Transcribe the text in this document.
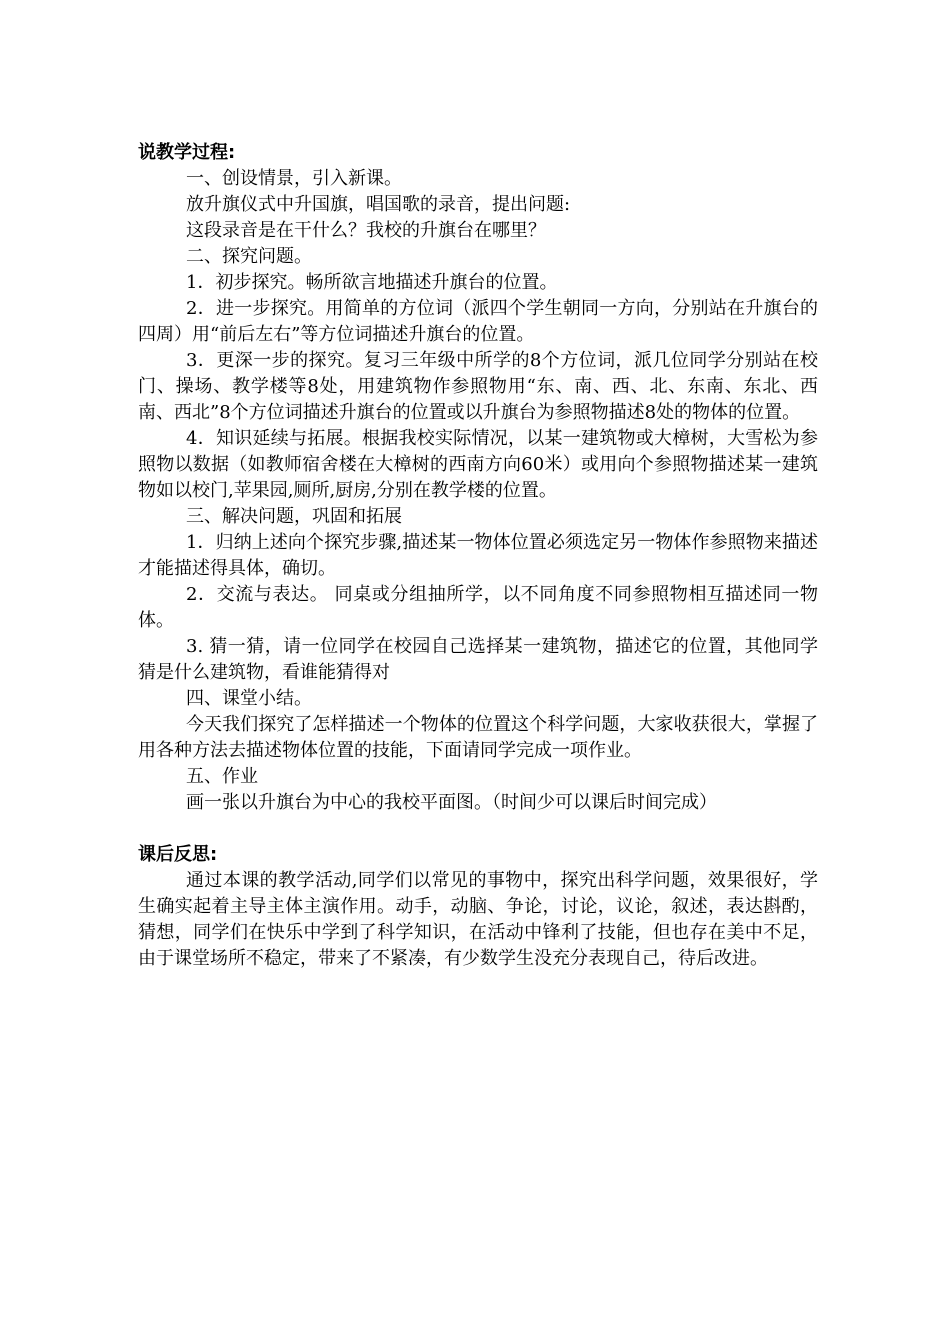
说教学过程:

一、创设情景，引入新课。

放升旗仪式中升国旗，唱国歌的录音，提出问题:

这段录音是在干什么？我校的升旗台在哪里？

二、探究问题。

1．初步探究。畅所欲言地描述升旗台的位置。

2．进一步探究。用简单的方位词（派四个学生朝同一方向，分别站在升旗台的四周）用“前后左右”等方位词描述升旗台的位置。

3．更深一步的探究。复习三年级中所学的8个方位词，派几位同学分别站在校门、操场、教学楼等8处，用建筑物作参照物用“东、南、西、北、东南、东北、西南、西北”8个方位词描述升旗台的位置或以升旗台为参照物描述8处的物体的位置。

4．知识延续与拓展。根据我校实际情况，以某一建筑物或大樟树，大雪松为参照物以数据（如教师宿舍楼在大樟树的西南方向60米）或用向个参照物描述某一建筑物如以校门,苹果园,厕所,厨房,分别在教学楼的位置。

三、解决问题，巩固和拓展

1．归纳上述向个探究步骤,描述某一物体位置必须选定另一物体作参照物来描述才能描述得具体，确切。

2．交流与表达。 同桌或分组抽所学，以不同角度不同参照物相互描述同一物体。

3. 猜一猜，请一位同学在校园自己选择某一建筑物，描述它的位置，其他同学猜是什么建筑物，看谁能猜得对

四、课堂小结。

今天我们探究了怎样描述一个物体的位置这个科学问题，大家收获很大，掌握了用各种方法去描述物体位置的技能，下面请同学完成一项作业。

五、作业

画一张以升旗台为中心的我校平面图。（时间少可以课后时间完成）

课后反思:

通过本课的教学活动,同学们以常见的事物中，探究出科学问题，效果很好，学生确实起着主导主体主演作用。动手，动脑、争论，讨论，议论，叙述，表达斟酌，猜想，同学们在快乐中学到了科学知识，在活动中锋利了技能，但也存在美中不足，由于课堂场所不稳定，带来了不紧凑，有少数学生没充分表现自己，待后改进。
